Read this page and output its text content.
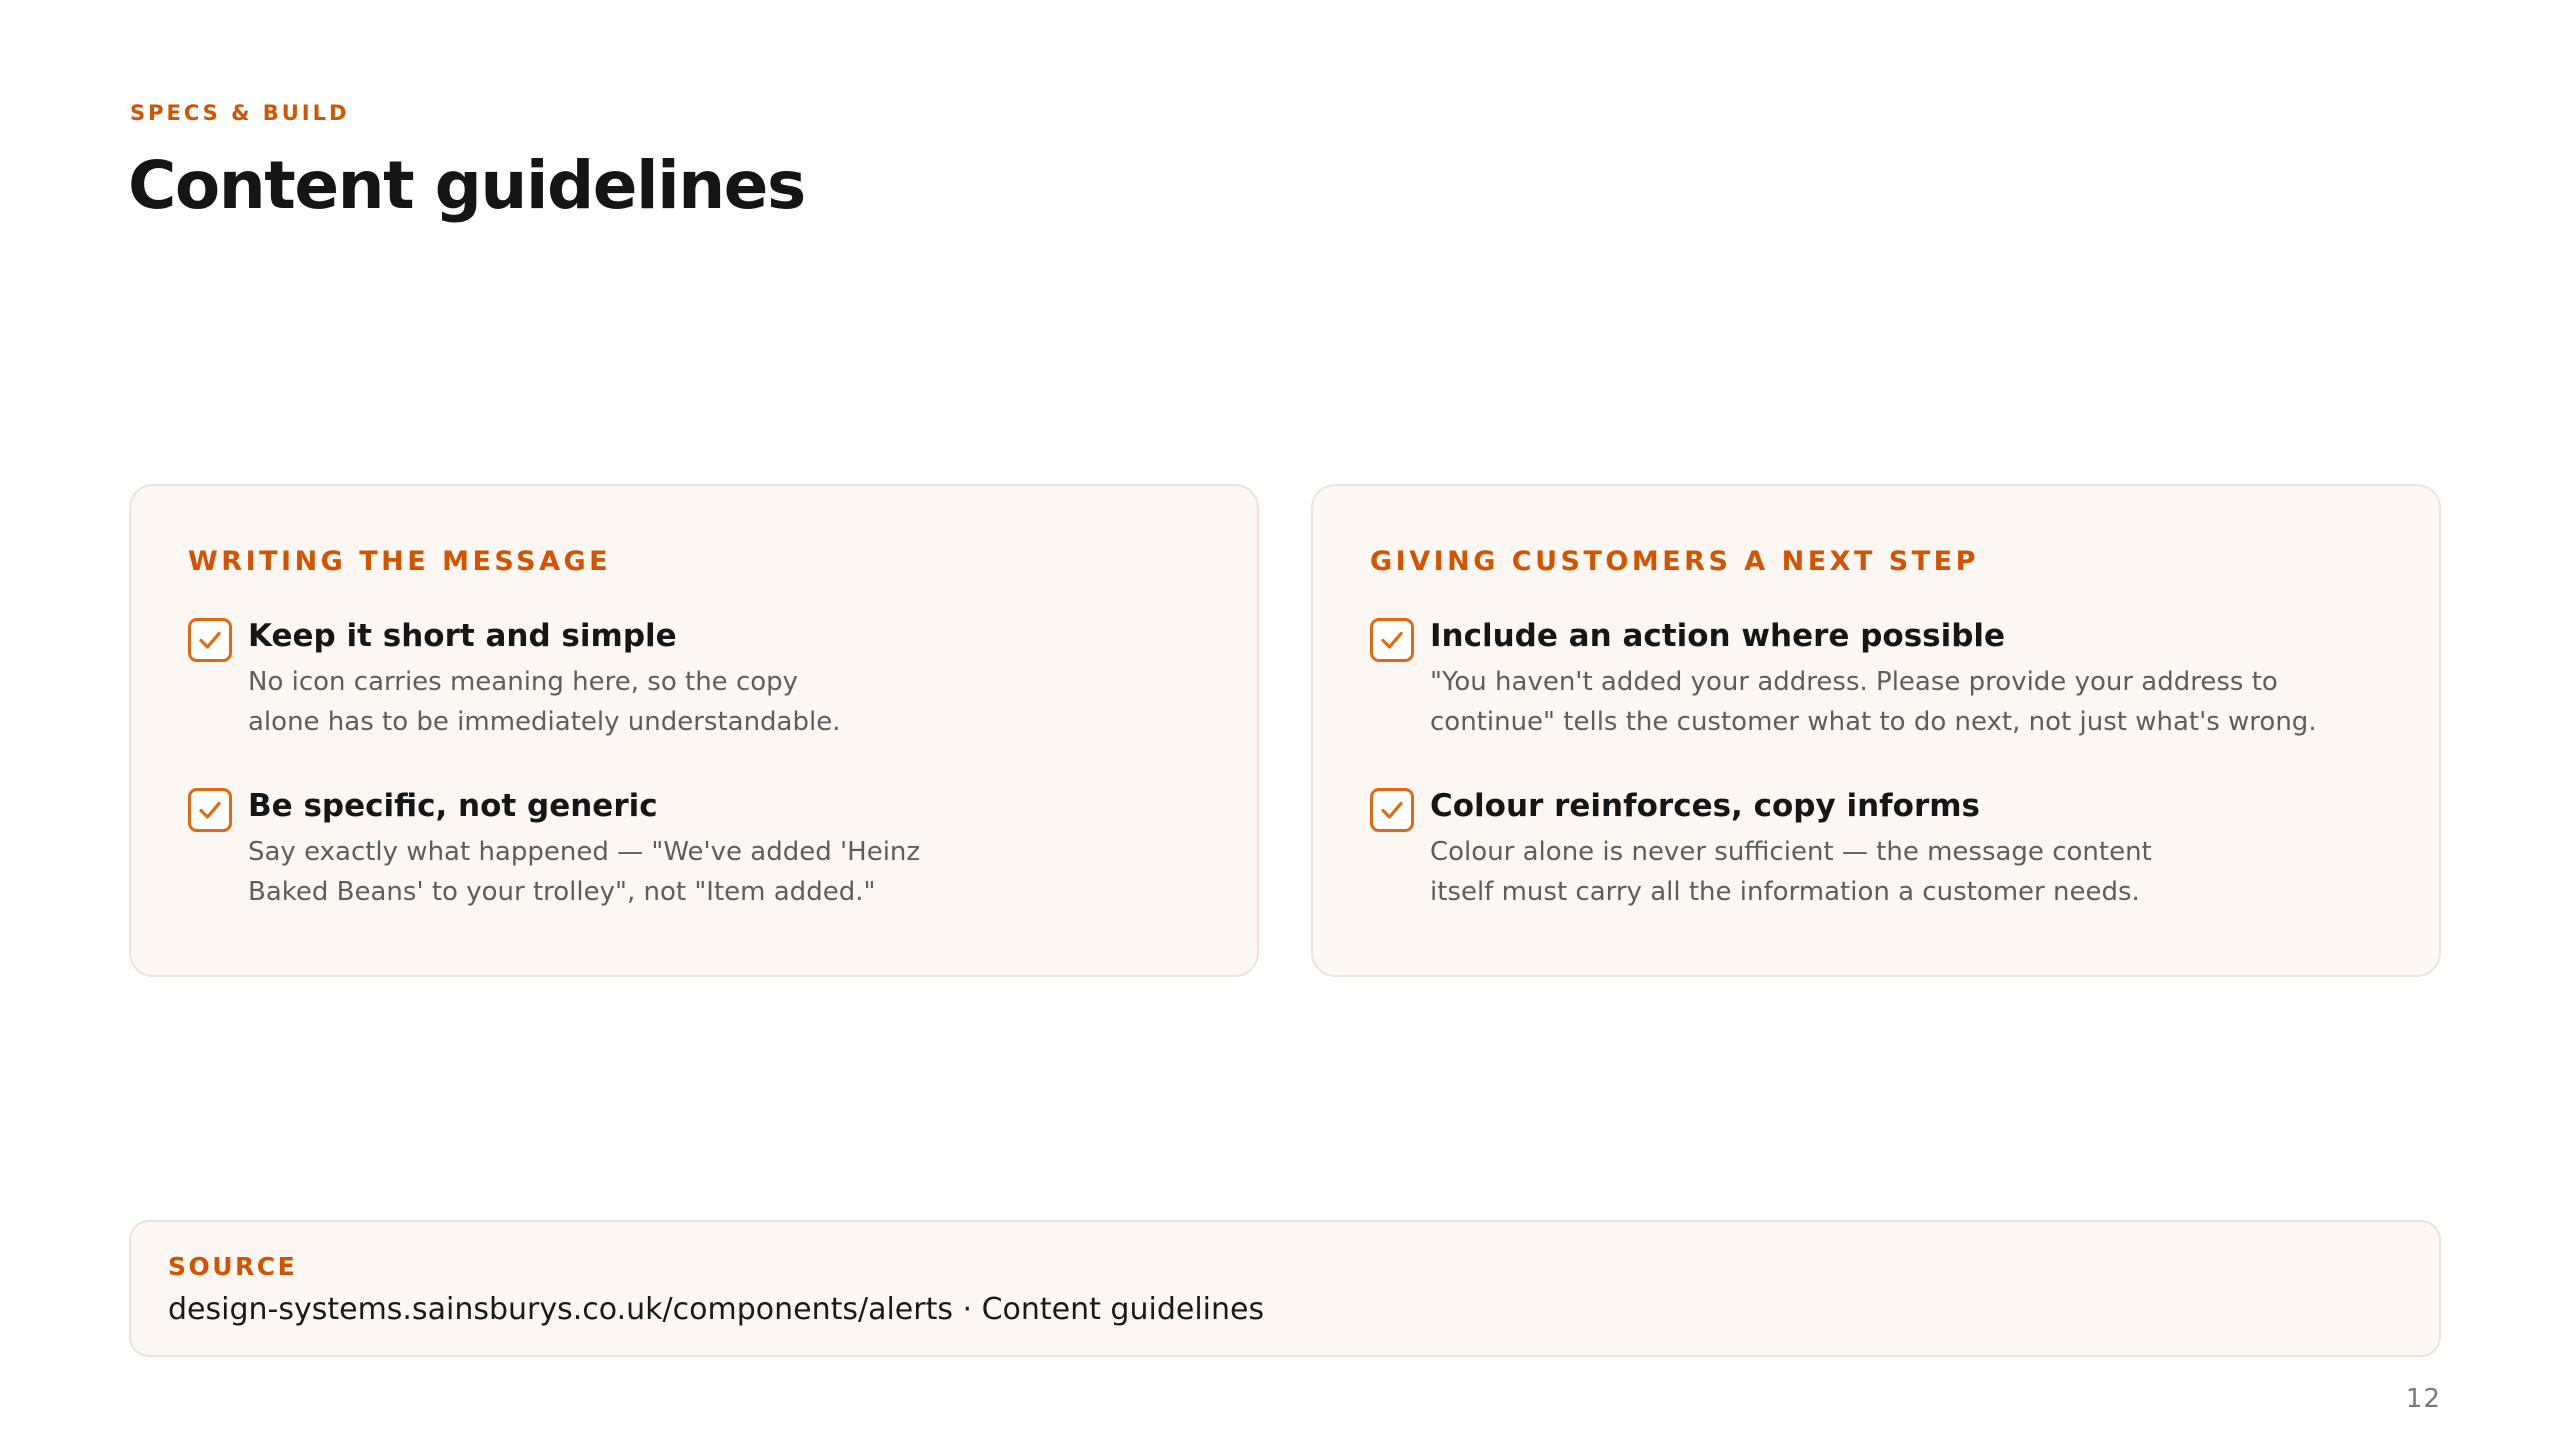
SPECS & BUILD
Content guidelines
WRITING THE MESSAGE
Keep it short and simple

No icon carries meaning here, so the copy
alone has to be immediately understandable.

Be specific, not generic

Say exactly what happened — "We've added 'Heinz
Baked Beans' to your trolley", not "Item added."

GIVING CUSTOMERS A NEXT STEP
Include an action where possible

"You haven't added your address. Please provide your address to
continue" tells the customer what to do next, not just what's wrong.

Colour reinforces, copy informs

Colour alone is never sufficient — the message content
itself must carry all the information a customer needs.

SOURCE
design-systems.sainsburys.co.uk/components/alerts · Content guidelines
12
